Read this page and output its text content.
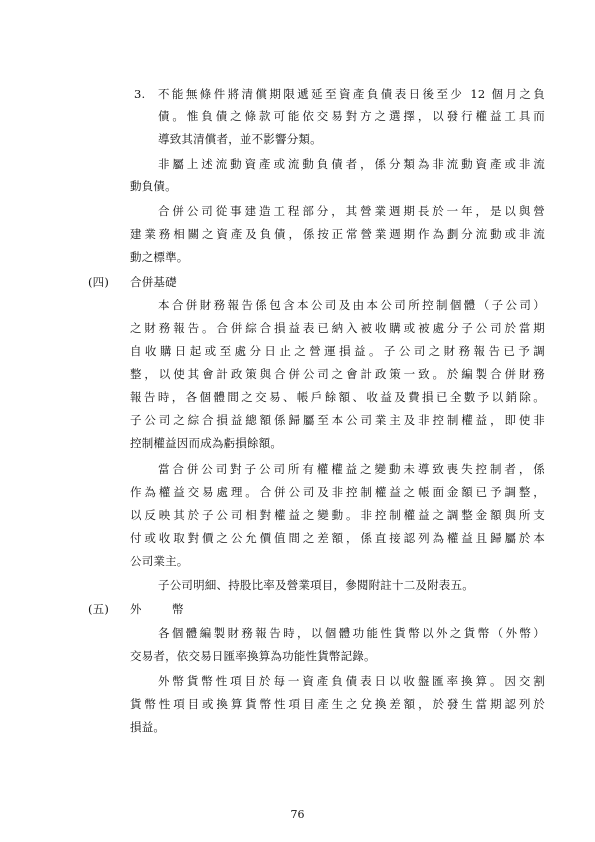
3. 不能無條件將清償期限遞延至資產負債表日後至少 12 個月之負
債。惟負債之條款可能依交易對方之選擇，以發行權益工具而
導致其清償者，並不影響分類。
非屬上述流動資產或流動負債者，係分類為非流動資產或非流
動負債。
合併公司從事建造工程部分，其營業週期長於一年，是以與營
建業務相關之資產及負債，係按正常營業週期作為劃分流動或非流
動之標準。
(四) 合併基礎
本合併財務報告係包含本公司及由本公司所控制個體（子公司）
之財務報告。合併綜合損益表已納入被收購或被處分子公司於當期
自收購日起或至處分日止之營運損益。子公司之財務報告已予調
整，以使其會計政策與合併公司之會計政策一致。於編製合併財務
報告時，各個體間之交易、帳戶餘額、收益及費損已全數予以銷除。
子公司之綜合損益總額係歸屬至本公司業主及非控制權益，即使非
控制權益因而成為虧損餘額。
當合併公司對子公司所有權權益之變動未導致喪失控制者，係
作為權益交易處理。合併公司及非控制權益之帳面金額已予調整，
以反映其於子公司相對權益之變動。非控制權益之調整金額與所支
付或收取對價之公允價值間之差額，係直接認列為權益且歸屬於本
公司業主。
子公司明細、持股比率及營業項目，參閱附註十二及附表五。
(五) 外	幣
各個體編製財務報告時，以個體功能性貨幣以外之貨幣（外幣）
交易者，依交易日匯率換算為功能性貨幣記錄。
外幣貨幣性項目於每一資產負債表日以收盤匯率換算。因交割
貨幣性項目或換算貨幣性項目產生之兌換差額，於發生當期認列於
損益。
76
